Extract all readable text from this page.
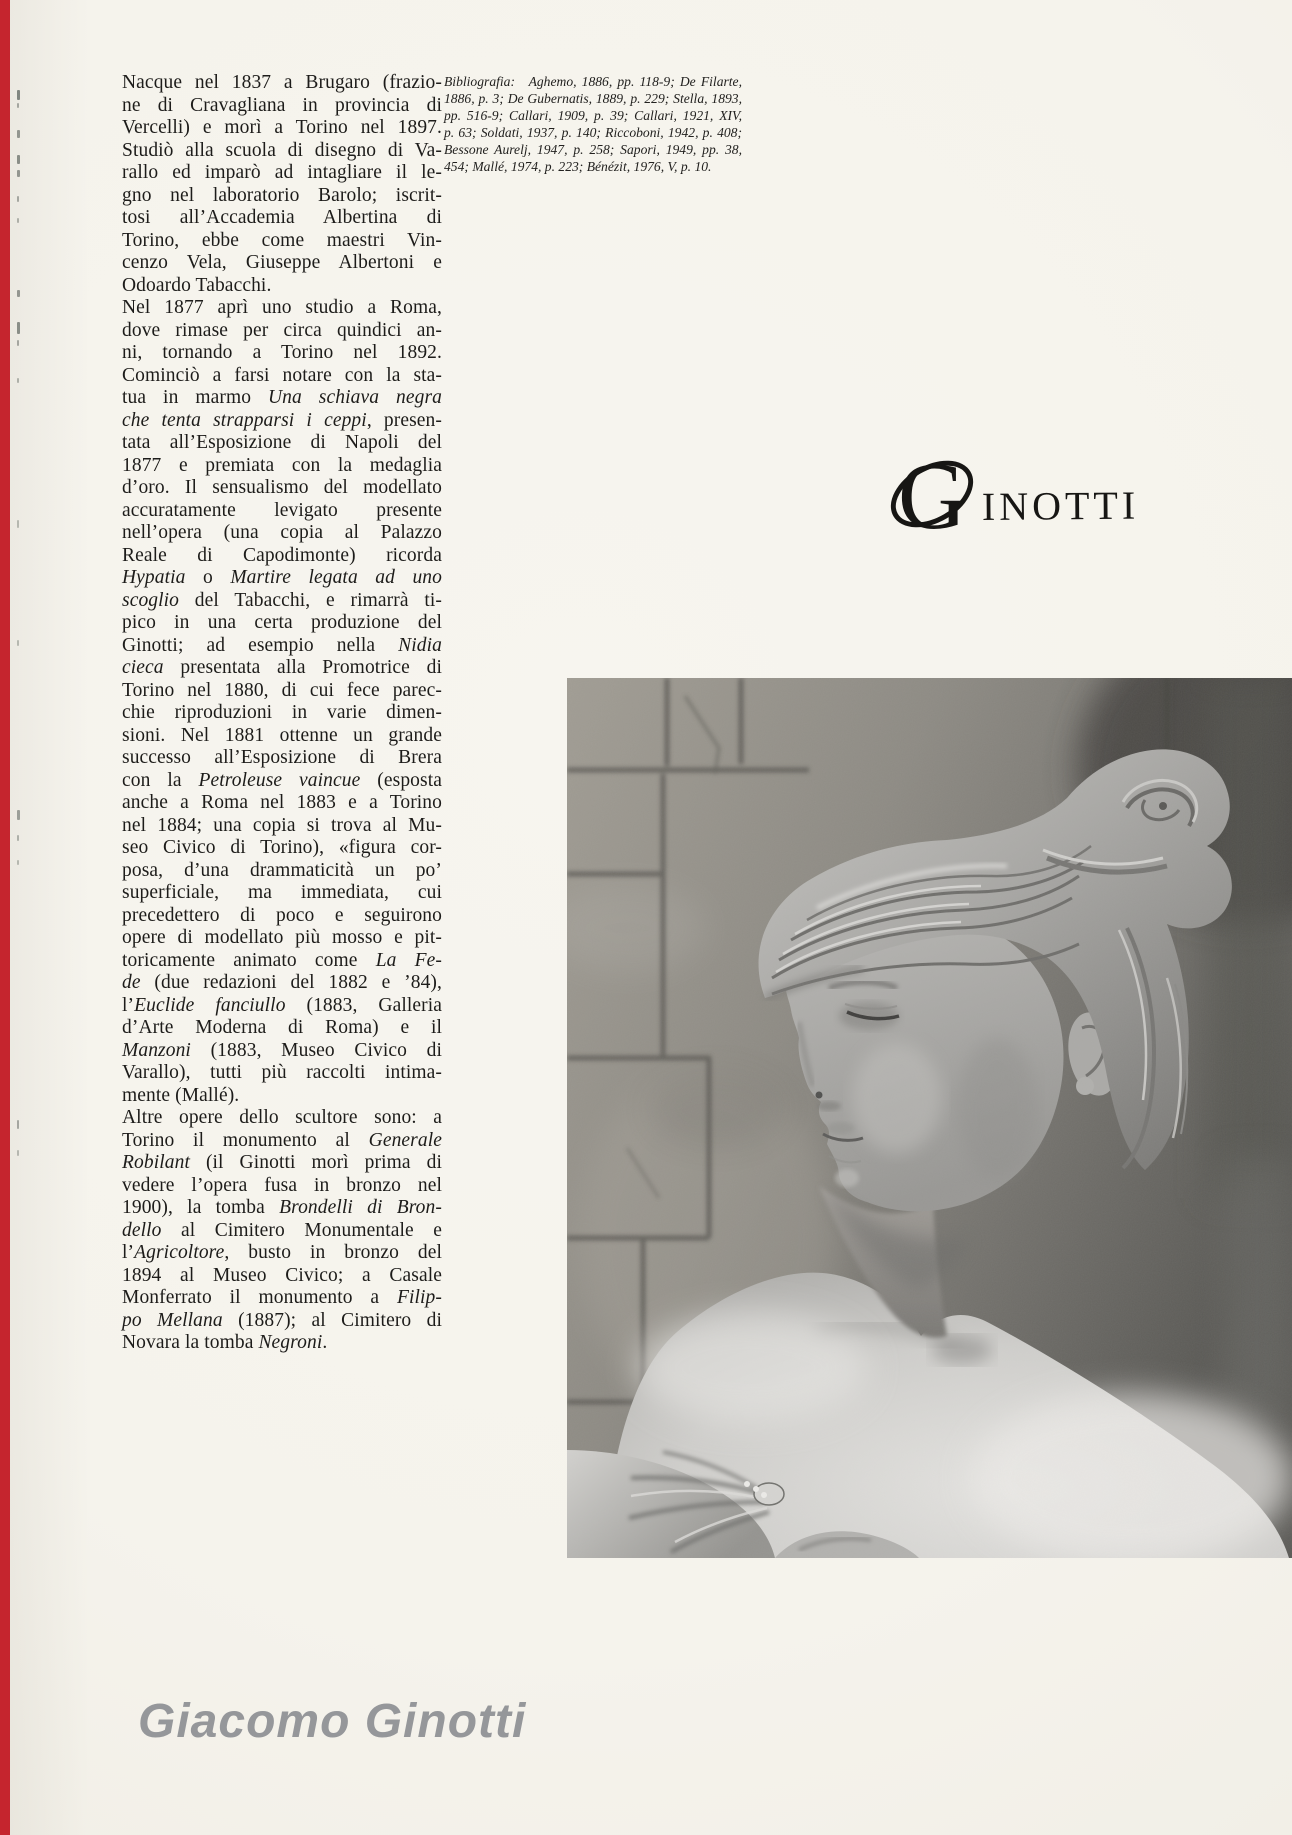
Nacque nel 1837 a Brugaro (frazio-
ne di Cravagliana in provincia di
Vercelli) e morì a Torino nel 1897.
Studiò alla scuola di disegno di Va-
rallo ed imparò ad intagliare il le-
gno nel laboratorio Barolo; iscrit-
tosi all’Accademia Albertina di
Torino, ebbe come maestri Vin-
cenzo Vela, Giuseppe Albertoni e
Odoardo Tabacchi.
Nel 1877 aprì uno studio a Roma,
dove rimase per circa quindici an-
ni, tornando a Torino nel 1892.
Cominciò a farsi notare con la sta-
tua in marmo Una schiava negra
che tenta strapparsi i ceppi, presen-
tata all’Esposizione di Napoli del
1877 e premiata con la medaglia
d’oro. Il sensualismo del modellato
accuratamente levigato presente
nell’opera (una copia al Palazzo
Reale di Capodimonte) ricorda
Hypatia o Martire legata ad uno
scoglio del Tabacchi, e rimarrà ti-
pico in una certa produzione del
Ginotti; ad esempio nella Nidia
cieca presentata alla Promotrice di
Torino nel 1880, di cui fece parec-
chie riproduzioni in varie dimen-
sioni. Nel 1881 ottenne un grande
successo all’Esposizione di Brera
con la Petroleuse vaincue (esposta
anche a Roma nel 1883 e a Torino
nel 1884; una copia si trova al Mu-
seo Civico di Torino), «figura cor-
posa, d’una drammaticità un po’
superficiale, ma immediata, cui
precedettero di poco e seguirono
opere di modellato più mosso e pit-
toricamente animato come La Fe-
de (due redazioni del 1882 e ’84),
l’Euclide fanciullo (1883, Galleria
d’Arte Moderna di Roma) e il
Manzoni (1883, Museo Civico di
Varallo), tutti più raccolti intima-
mente (Mallé).
Altre opere dello scultore sono: a
Torino il monumento al Generale
Robilant (il Ginotti morì prima di
vedere l’opera fusa in bronzo nel
1900), la tomba Brondelli di Bron-
dello al Cimitero Monumentale e
l’Agricoltore, busto in bronzo del
1894 al Museo Civico; a Casale
Monferrato il monumento a Filip-
po Mellana (1887); al Cimitero di
Novara la tomba Negroni.
Bibliografia: Aghemo, 1886, pp. 118-9; De Filarte,
1886, p. 3; De Gubernatis, 1889, p. 229; Stella, 1893,
pp. 516-9; Callari, 1909, p. 39; Callari, 1921, XIV,
p. 63; Soldati, 1937, p. 140; Riccoboni, 1942, p. 408;
Bessone Aurelj, 1947, p. 258; Sapori, 1949, pp. 38,
454; Mallé, 1974, p. 223; Bénézit, 1976, V, p. 10.
G INOTTI
Giacomo Ginotti
